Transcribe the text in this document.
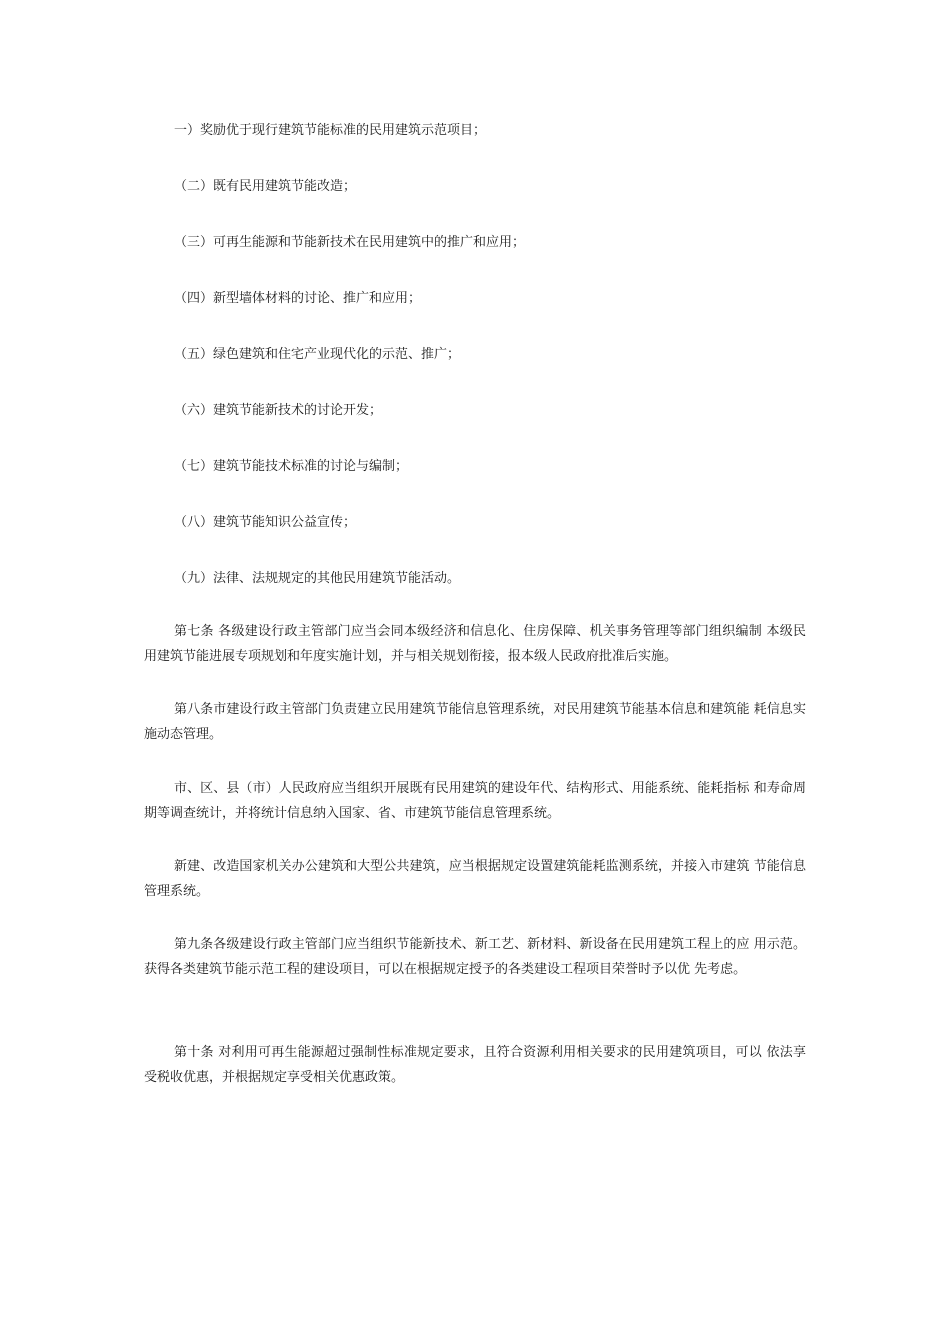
一）奖励优于现行建筑节能标准的民用建筑示范项目；

（二）既有民用建筑节能改造；

（三）可再生能源和节能新技术在民用建筑中的推广和应用；

（四）新型墙体材料的讨论、推广和应用；

（五）绿色建筑和住宅产业现代化的示范、推广；

（六）建筑节能新技术的讨论开发；

（七）建筑节能技术标准的讨论与编制；

（八）建筑节能知识公益宣传；

（九）法律、法规规定的其他民用建筑节能活动。

第七条 各级建设行政主管部门应当会同本级经济和信息化、住房保障、机关事务管理等部门组织编制 本级民用建筑节能进展专项规划和年度实施计划，并与相关规划衔接，报本级人民政府批准后实施。

第八条市建设行政主管部门负责建立民用建筑节能信息管理系统，对民用建筑节能基本信息和建筑能 耗信息实施动态管理。

市、区、县（市）人民政府应当组织开展既有民用建筑的建设年代、结构形式、用能系统、能耗指标 和寿命周期等调查统计，并将统计信息纳入国家、省、市建筑节能信息管理系统。

新建、改造国家机关办公建筑和大型公共建筑，应当根据规定设置建筑能耗监测系统，并接入市建筑 节能信息管理系统。

第九条各级建设行政主管部门应当组织节能新技术、新工艺、新材料、新设备在民用建筑工程上的应 用示范。获得各类建筑节能示范工程的建设项目，可以在根据规定授予的各类建设工程项目荣誉时予以优 先考虑。

第十条 对利用可再生能源超过强制性标准规定要求，且符合资源利用相关要求的民用建筑项目，可以 依法享受税收优惠，并根据规定享受相关优惠政策。
